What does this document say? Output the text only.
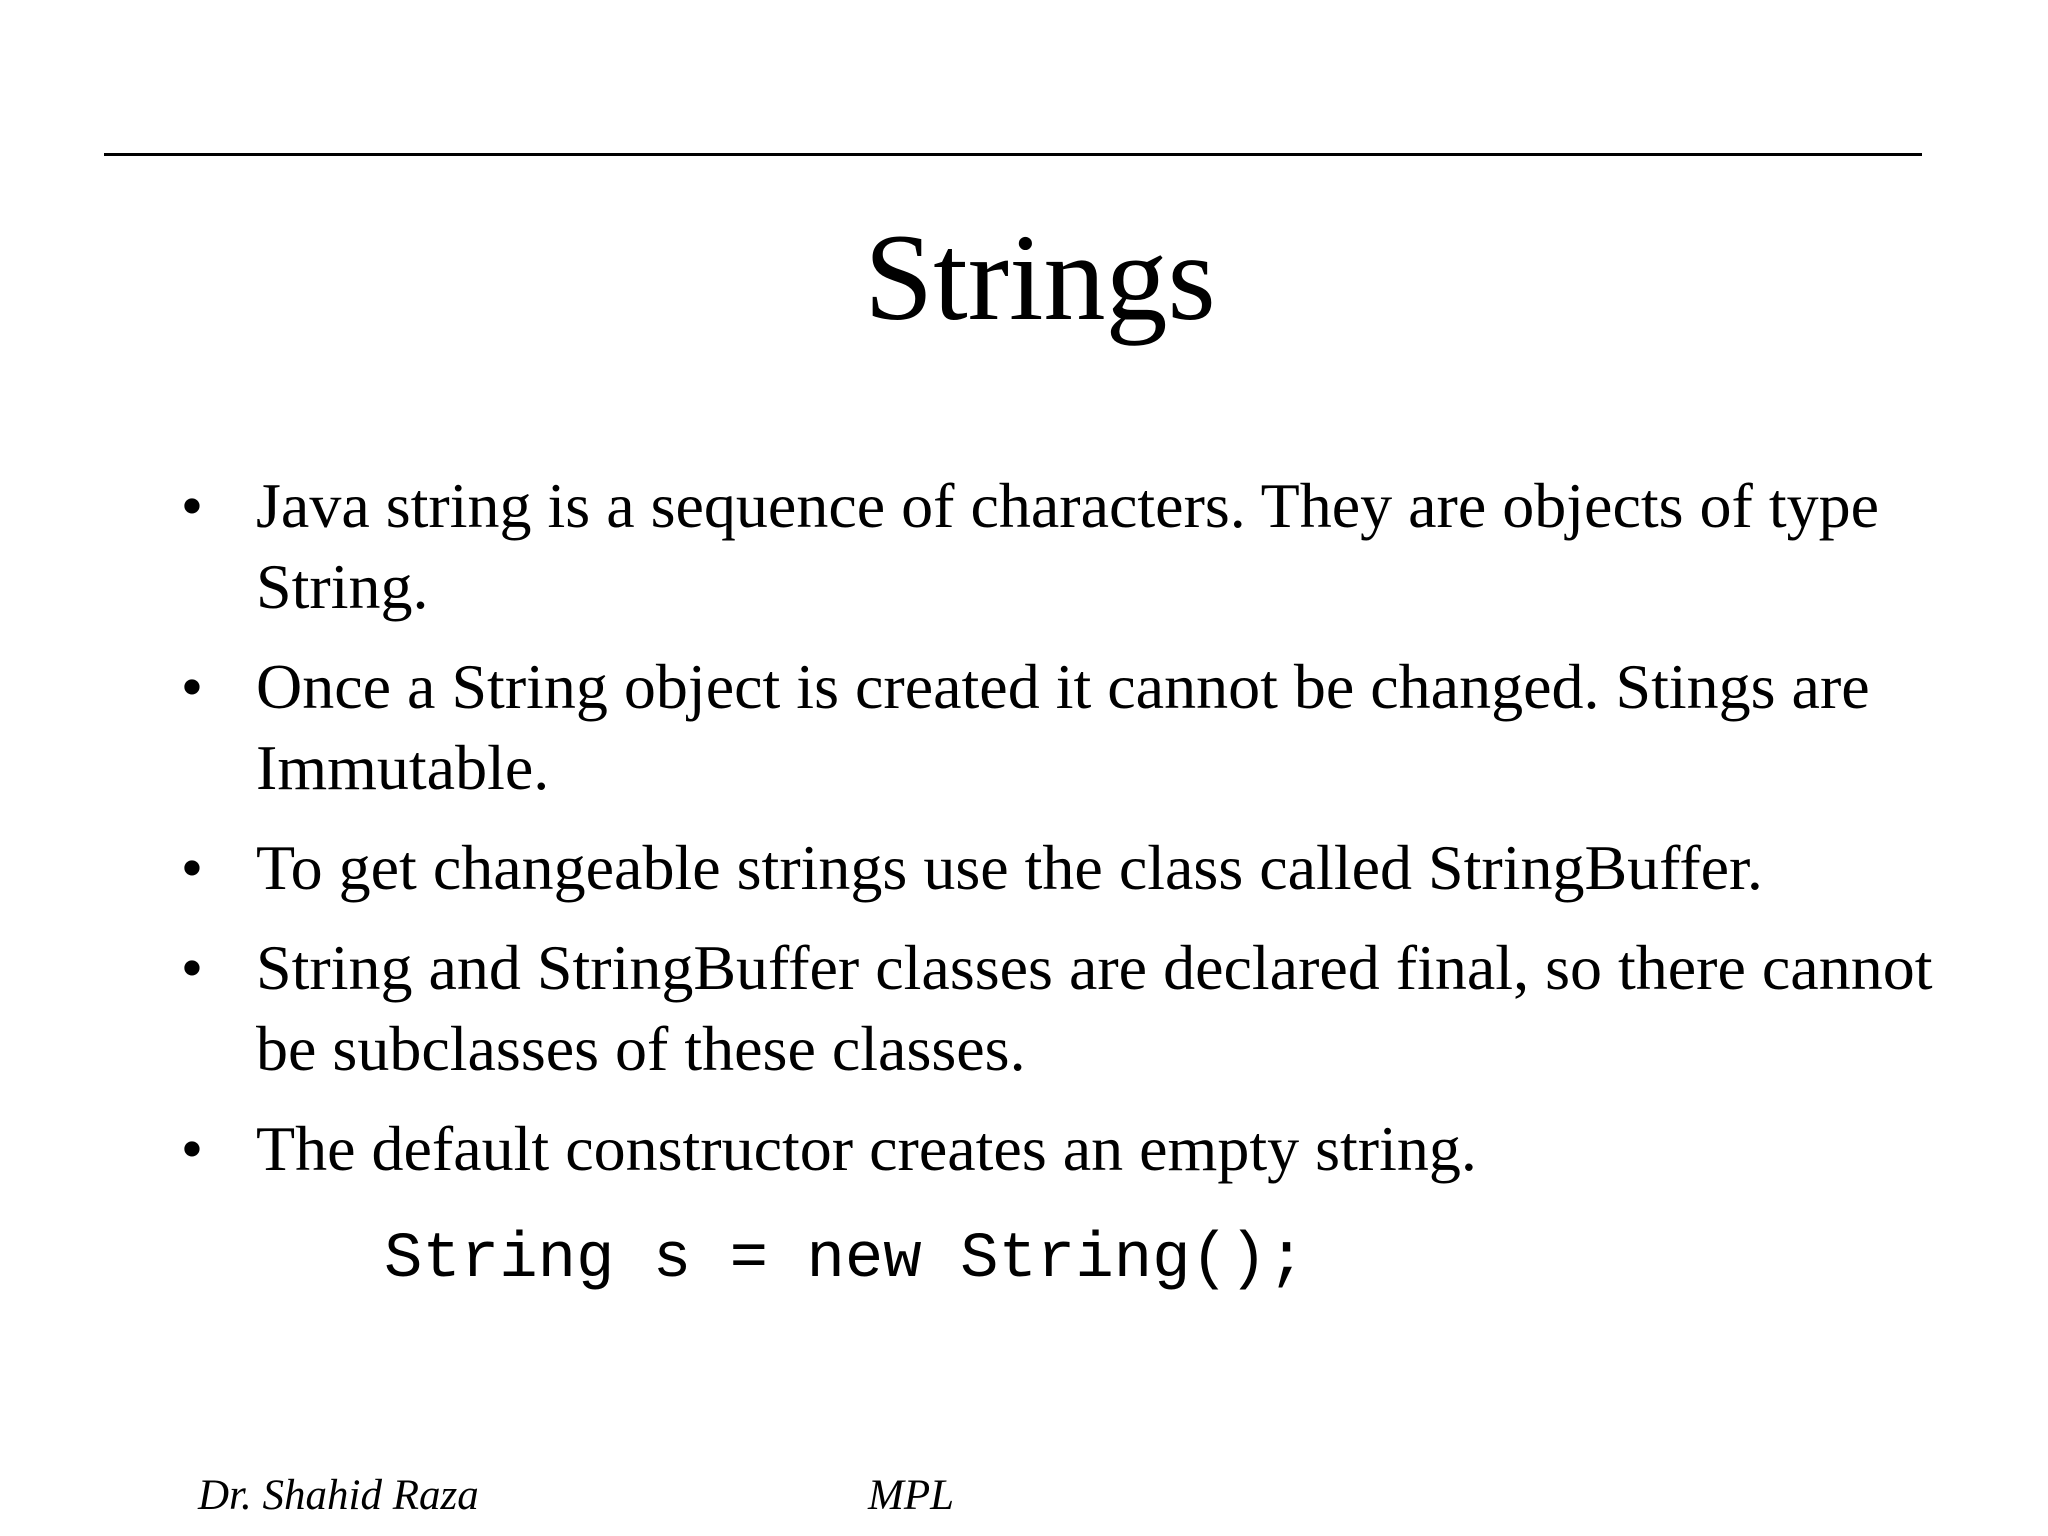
Strings
• Java string is a sequence of characters. They are objects of type String.
• Once a String object is created it cannot be changed. Stings are Immutable.
• To get changeable strings use the class called StringBuffer.
• String and StringBuffer classes are declared final, so there cannot be subclasses of these classes.
• The default constructor creates an empty string.
String s = new String();
Dr. Shahid Raza	MPL
